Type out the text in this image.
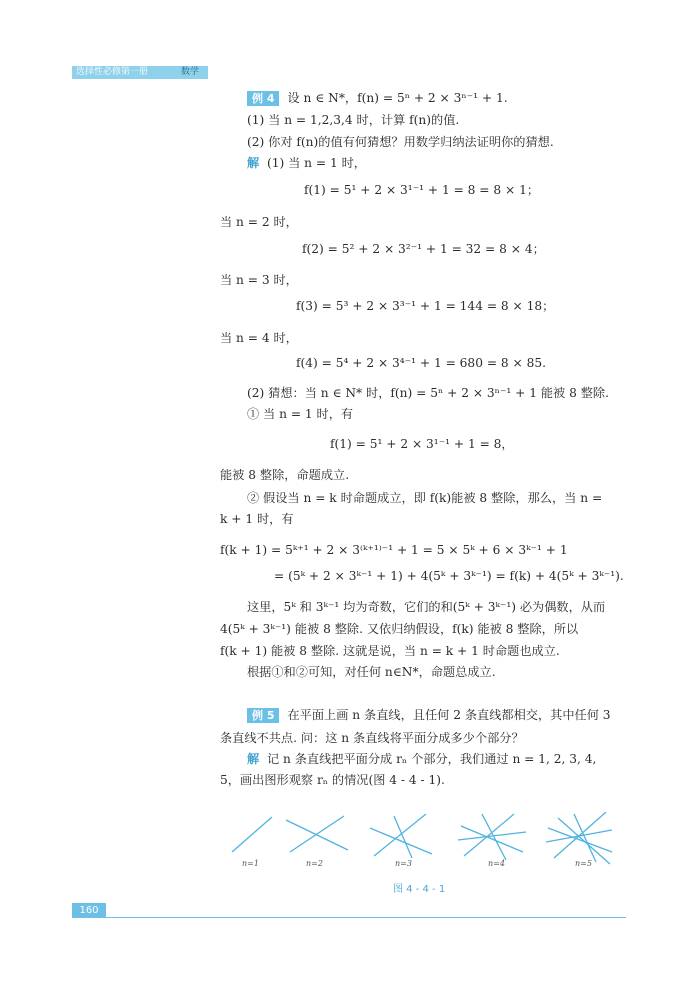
选择性必修第一册	数学
例 4 设 n ∈ N*，f(n) = 5ⁿ + 2 × 3ⁿ⁻¹ + 1.
(1) 当 n = 1,2,3,4 时，计算 f(n)的值.
(2) 你对 f(n)的值有何猜想？用数学归纳法证明你的猜想.
解 (1) 当 n = 1 时，
f(1) = 5¹ + 2 × 3¹⁻¹ + 1 = 8 = 8 × 1；
当 n = 2 时，
f(2) = 5² + 2 × 3²⁻¹ + 1 = 32 = 8 × 4；
当 n = 3 时，
f(3) = 5³ + 2 × 3³⁻¹ + 1 = 144 = 8 × 18；
当 n = 4 时，
f(4) = 5⁴ + 2 × 3⁴⁻¹ + 1 = 680 = 8 × 85.
(2) 猜想：当 n ∈ N* 时，f(n) = 5ⁿ + 2 × 3ⁿ⁻¹ + 1 能被 8 整除.
① 当 n = 1 时，有
f(1) = 5¹ + 2 × 3¹⁻¹ + 1 = 8，
能被 8 整除，命题成立.
② 假设当 n = k 时命题成立，即 f(k)能被 8 整除，那么，当 n =
k + 1 时，有
f(k + 1) = 5ᵏ⁺¹ + 2 × 3⁽ᵏ⁺¹⁾⁻¹ + 1 = 5 × 5ᵏ + 6 × 3ᵏ⁻¹ + 1
= (5ᵏ + 2 × 3ᵏ⁻¹ + 1) + 4(5ᵏ + 3ᵏ⁻¹) = f(k) + 4(5ᵏ + 3ᵏ⁻¹).
这里，5ᵏ 和 3ᵏ⁻¹ 均为奇数，它们的和(5ᵏ + 3ᵏ⁻¹) 必为偶数，从而
4(5ᵏ + 3ᵏ⁻¹) 能被 8 整除. 又依归纳假设，f(k) 能被 8 整除，所以
f(k + 1) 能被 8 整除. 这就是说，当 n = k + 1 时命题也成立.
根据①和②可知，对任何 n∈N*，命题总成立.
例 5 在平面上画 n 条直线，且任何 2 条直线都相交，其中任何 3
条直线不共点. 问：这 n 条直线将平面分成多少个部分？
解 记 n 条直线把平面分成 rₙ 个部分，我们通过 n = 1, 2, 3, 4,
5，画出图形观察 rₙ 的情况(图 4 - 4 - 1).
n=1	n=2	n=3	n=4	n=5
图 4 - 4 - 1
160
